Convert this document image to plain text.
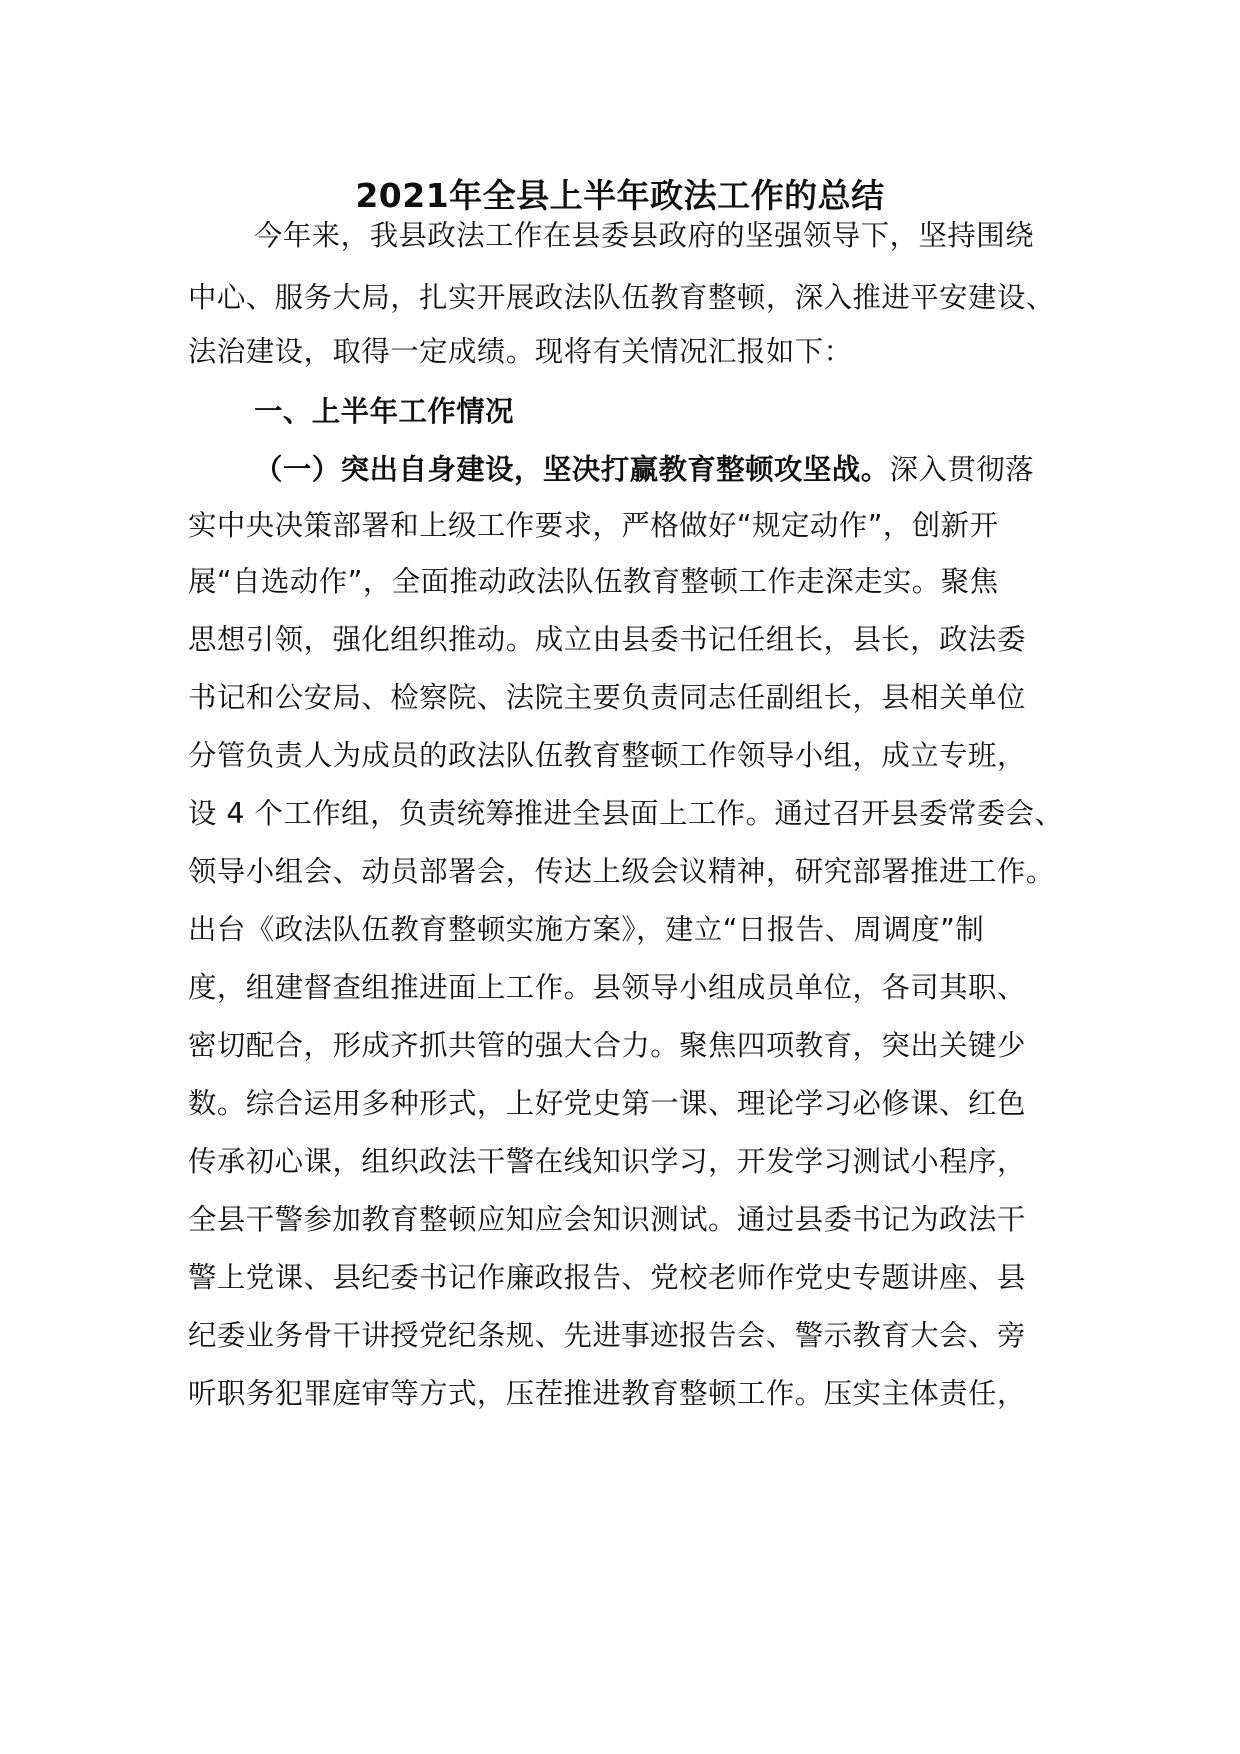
2021年全县上半年政法工作的总结
今年来，我县政法工作在县委县政府的坚强领导下，坚持围绕
中心、服务大局，扎实开展政法队伍教育整顿，深入推进平安建设、
法治建设，取得一定成绩。现将有关情况汇报如下：
一、上半年工作情况
（一）突出自身建设，坚决打赢教育整顿攻坚战。深入贯彻落
实中央决策部署和上级工作要求，严格做好“规定动作”，创新开
展“自选动作”，全面推动政法队伍教育整顿工作走深走实。聚焦
思想引领，强化组织推动。成立由县委书记任组长，县长，政法委
书记和公安局、检察院、法院主要负责同志任副组长，县相关单位
分管负责人为成员的政法队伍教育整顿工作领导小组，成立专班，
设 4 个工作组，负责统筹推进全县面上工作。通过召开县委常委会、
领导小组会、动员部署会，传达上级会议精神，研究部署推进工作。
出台《政法队伍教育整顿实施方案》，建立“日报告、周调度”制
度，组建督查组推进面上工作。县领导小组成员单位，各司其职、
密切配合，形成齐抓共管的强大合力。聚焦四项教育，突出关键少
数。综合运用多种形式，上好党史第一课、理论学习必修课、红色
传承初心课，组织政法干警在线知识学习，开发学习测试小程序，
全县干警参加教育整顿应知应会知识测试。通过县委书记为政法干
警上党课、县纪委书记作廉政报告、党校老师作党史专题讲座、县
纪委业务骨干讲授党纪条规、先进事迹报告会、警示教育大会、旁
听职务犯罪庭审等方式，压茬推进教育整顿工作。压实主体责任，
